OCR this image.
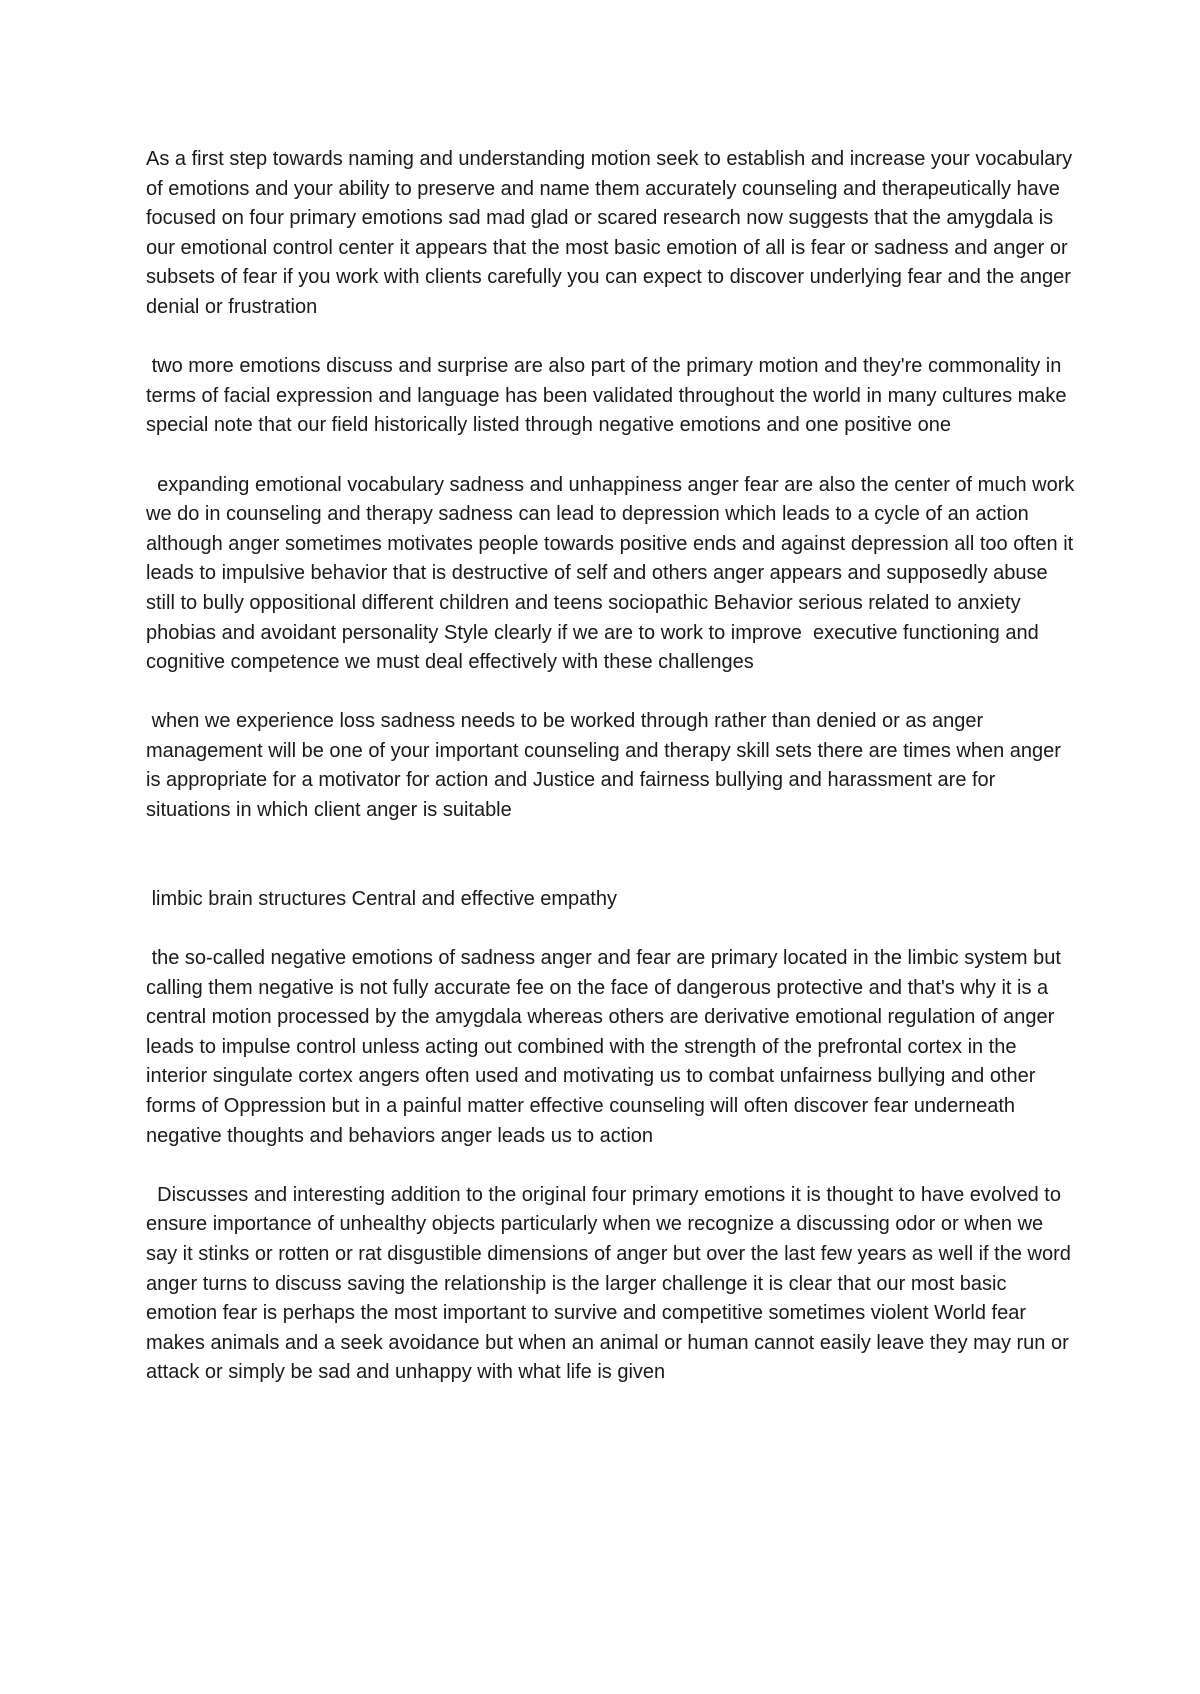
As a first step towards naming and understanding motion seek to establish and increase your vocabulary of emotions and your ability to preserve and name them accurately counseling and therapeutically have focused on four primary emotions sad mad glad or scared research now suggests that the amygdala is our emotional control center it appears that the most basic emotion of all is fear or sadness and anger or subsets of fear if you work with clients carefully you can expect to discover underlying fear and the anger denial or frustration

two more emotions discuss and surprise are also part of the primary motion and they're commonality in terms of facial expression and language has been validated throughout the world in many cultures make special note that our field historically listed through negative emotions and one positive one

expanding emotional vocabulary sadness and unhappiness anger fear are also the center of much work we do in counseling and therapy sadness can lead to depression which leads to a cycle of an action although anger sometimes motivates people towards positive ends and against depression all too often it leads to impulsive behavior that is destructive of self and others anger appears and supposedly abuse still to bully oppositional different children and teens sociopathic Behavior serious related to anxiety phobias and avoidant personality Style clearly if we are to work to improve  executive functioning and cognitive competence we must deal effectively with these challenges

when we experience loss sadness needs to be worked through rather than denied or as anger management will be one of your important counseling and therapy skill sets there are times when anger is appropriate for a motivator for action and Justice and fairness bullying and harassment are for situations in which client anger is suitable

limbic brain structures Central and effective empathy

the so-called negative emotions of sadness anger and fear are primary located in the limbic system but calling them negative is not fully accurate fee on the face of dangerous protective and that's why it is a central motion processed by the amygdala whereas others are derivative emotional regulation of anger leads to impulse control unless acting out combined with the strength of the prefrontal cortex in the interior singulate cortex angers often used and motivating us to combat unfairness bullying and other forms of Oppression but in a painful matter effective counseling will often discover fear underneath negative thoughts and behaviors anger leads us to action

Discusses and interesting addition to the original four primary emotions it is thought to have evolved to ensure importance of unhealthy objects particularly when we recognize a discussing odor or when we say it stinks or rotten or rat disgustible dimensions of anger but over the last few years as well if the word anger turns to discuss saving the relationship is the larger challenge it is clear that our most basic emotion fear is perhaps the most important to survive and competitive sometimes violent World fear makes animals and a seek avoidance but when an animal or human cannot easily leave they may run or attack or simply be sad and unhappy with what life is given
